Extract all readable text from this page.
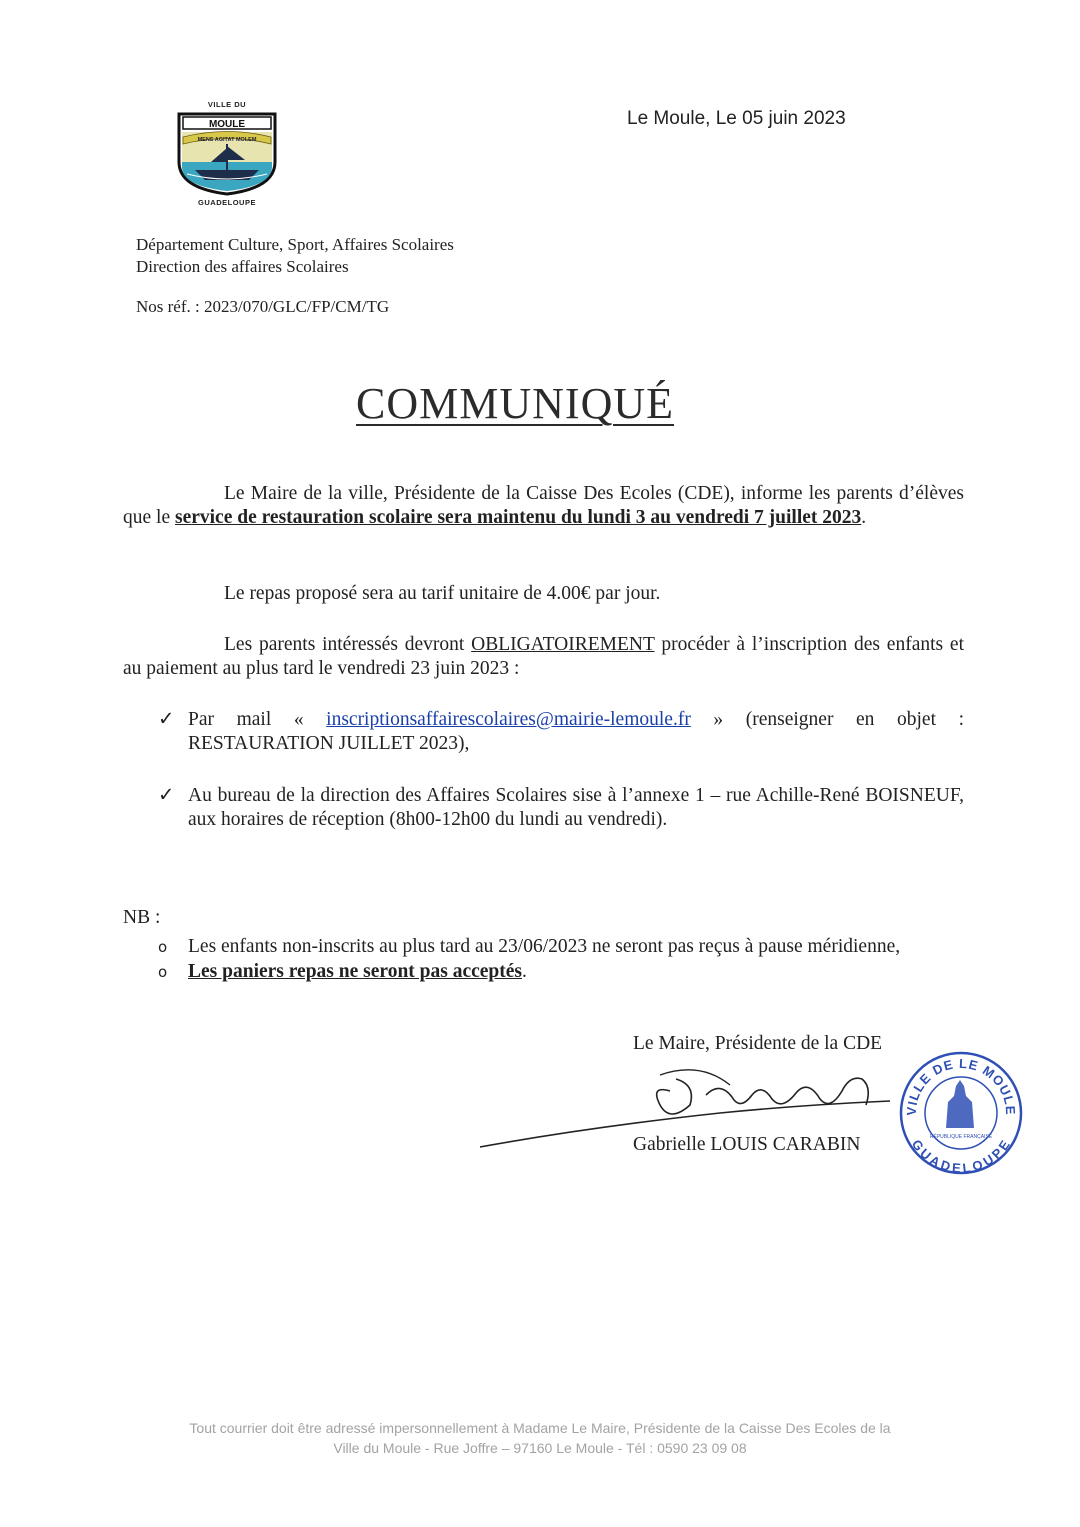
VILLE DU
MOULE
MENS AGITAT MOLEM
GUADELOUPE
Le Moule, Le 05 juin 2023
Département Culture, Sport, Affaires Scolaires
Direction des affaires Scolaires
Nos réf. : 2023/070/GLC/FP/CM/TG
COMMUNIQUÉ
Le Maire de la ville, Présidente de la Caisse Des Ecoles (CDE), informe les parents d’élèves que le service de restauration scolaire sera maintenu du lundi 3 au vendredi 7 juillet 2023.
Le repas proposé sera au tarif unitaire de 4.00€ par jour.
Les parents intéressés devront OBLIGATOIREMENT procéder à l’inscription des enfants et au paiement au plus tard le vendredi 23 juin 2023 :
✓ Par mail « inscriptionsaffairescolaires@mairie-lemoule.fr » (renseigner en objet : RESTAURATION JUILLET 2023),
✓ Au bureau de la direction des Affaires Scolaires sise à l’annexe 1 – rue Achille-René BOISNEUF, aux horaires de réception (8h00-12h00 du lundi au vendredi).
NB :
o	Les enfants non-inscrits au plus tard au 23/06/2023 ne seront pas reçus à pause méridienne,
o	Les paniers repas ne seront pas acceptés.
Le Maire, Présidente de la CDE
Gabrielle LOUIS CARABIN
VILLE DE LE MOULE
GUADELOUPE
RÉPUBLIQUE FRANÇAISE
Tout courrier doit être adressé impersonnellement à Madame Le Maire, Présidente de la Caisse Des Ecoles de la
Ville du Moule - Rue Joffre – 97160 Le Moule - Tél : 0590 23 09 08
